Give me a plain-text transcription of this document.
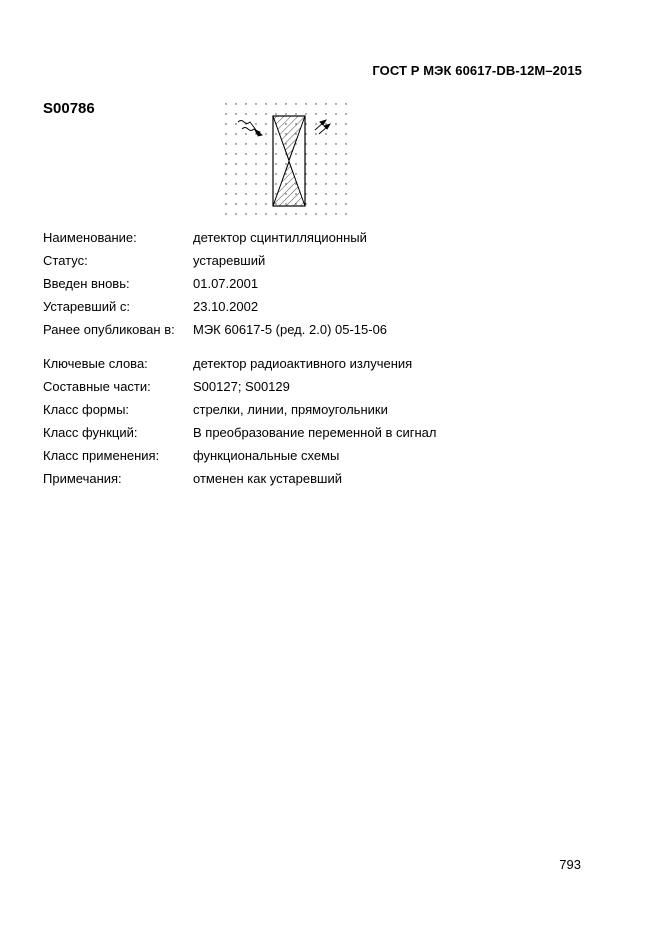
ГОСТ Р МЭК 60617-DB-12M–2015
S00786
Наименование:	детектор сцинтилляционный
Статус:	устаревший
Введен вновь:	01.07.2001
Устаревший с:	23.10.2002
Ранее опубликован в:	МЭК 60617-5 (ред. 2.0) 05-15-06
Ключевые слова:	детектор радиоактивного излучения
Составные части:	S00127; S00129
Класс формы:	стрелки, линии, прямоугольники
Класс функций:	В преобразование переменной в сигнал
Класс применения:	функциональные схемы
Примечания:	отменен как устаревший
793
